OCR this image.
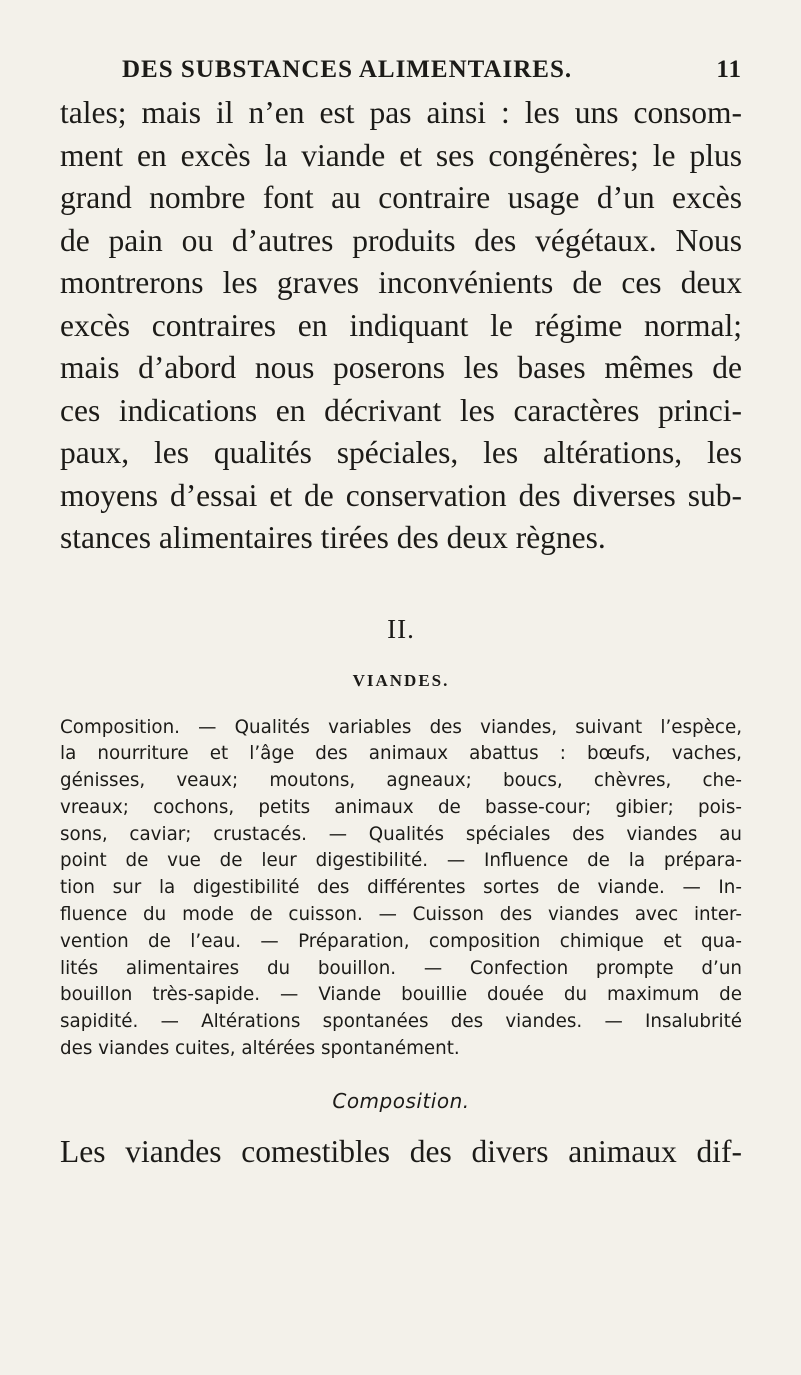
DES SUBSTANCES ALIMENTAIRES.	11
tales; mais il n’en est pas ainsi : les uns consom-
ment en excès la viande et ses congénères; le plus
grand nombre font au contraire usage d’un excès
de pain ou d’autres produits des végétaux. Nous
montrerons les graves inconvénients de ces deux
excès contraires en indiquant le régime normal;
mais d’abord nous poserons les bases mêmes de
ces indications en décrivant les caractères princi-
paux, les qualités spéciales, les altérations, les
moyens d’essai et de conservation des diverses sub-
stances alimentaires tirées des deux règnes.
II.
VIANDES.
Composition. — Qualités variables des viandes, suivant l’espèce,
la nourriture et l’âge des animaux abattus : bœufs, vaches,
génisses, veaux; moutons, agneaux; boucs, chèvres, che-
vreaux; cochons, petits animaux de basse-cour; gibier; pois-
sons, caviar; crustacés. — Qualités spéciales des viandes au
point de vue de leur digestibilité. — Influence de la prépara-
tion sur la digestibilité des différentes sortes de viande. — In-
fluence du mode de cuisson. — Cuisson des viandes avec inter-
vention de l’eau. — Préparation, composition chimique et qua-
lités alimentaires du bouillon. — Confection prompte d’un
bouillon très-sapide. — Viande bouillie douée du maximum de
sapidité. — Altérations spontanées des viandes. — Insalubrité
des viandes cuites, altérées spontanément.
Composition.
Les viandes comestibles des divers animaux dif-
